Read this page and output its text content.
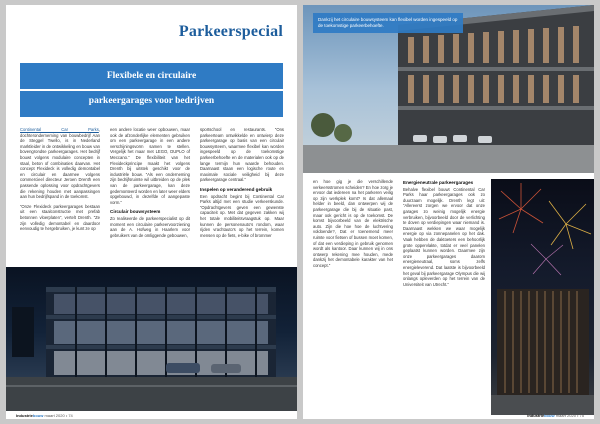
Parkeerspecial
Flexibele en circulaire
parkeergarages voor bedrijven

Continental Car Parks, dochteronderneming van bouwbedrijf Aan de Steggel Twello, is in Nederland marktleider in de ontwikkeling en bouw van bovengrondse parkeergarages. Het bedrijf bouwt volgens modulaire concepten in staal, beton of combinaties daarvan. Het concept Flexideck is volledig demontabel en circulair en daarmee volgens commercieel directeur Jeroen Drenth een passende oplossing voor opdrachtgevers die rekening houden met aanpassingen aan hun bedrijfspand in de toekomst.

“Onze Flexideck parkeergarages bestaan uit een staalconstructie met prefab betonnen vloerplaten”, vertelt Drenth. “Ze zijn volledig demontabel en daardoor eenvoudig te hergebruiken, je kunt ze op

een andere locatie weer opbouwen, maar ook de afzonderlijke elementen gebruiken om een parkeergarage in een andere verschijningsvorm samen te stellen. Vergelijk het maar met LEGO, DUPLO of Meccano.” De flexibiliteit van het Flexideckprincipe maakt het volgens Drenth bij uitstek geschikt voor de industriële bouw. “Als een onderneming zijn bedrijfsruimte wil uitbreiden op de plek van de parkeergarage, kan deze gedemonteerd worden en later weer elders opgebouwd, in dezelfde of aangepaste vorm.”

Circulair bouwsysteem

Zo realiseerde de parkeerspecialist op dit moment een circulaire parkeervoorziening aan de A. Hofweg in Haarlem voor gebruikers van de omliggende gebouwen,

sportschool en restaurants. “Ons parkeerteam ontwikkelde en ontwierp deze parkeergarage op basis van een circulair bouwsysteem, waarmee flexibel kan worden ingespeeld op de toekomstige parkeerbehoefte en de materialen ook op de lange termijn hun waarde behouden. Daarnaast staan een logische route en maximale sociale veiligheid bij deze parkeergarage centraal.”

Inspelen op veranderend gebruik

Een opdracht begint bij Continental Car Parks altijd met een studie verkeerskunde. “Opdrachtgevers geven een gewenste capaciteit op. Met dat gegeven zakken wij het totale mobiliteitsvraagstuk op. Maar kunnen de personenauto’s rondom, waar rijden vrachtauto’s op het terrein, komen mensen op de fiets, e-bike of brommer

Industriebouw maart 2020 • 74
Dankzij het circulaire bouwsysteem kan flexibel worden ingespeeld op de toekomstige parkeerbehoefte.

en hoe gig je die verschillende verkeersstromen scheiden? En hoe zorg je ervoor dat iedereen na het parkeren veilig op zijn werkplek komt? Is dat allemaal helder in beeld, dan ontwerpen wij de parkeergarage die bij de situatie past, maar ook gericht is op de toekomst. De komst bijvoorbeeld van de elektrische auto. Zijn die hoe hoe de luchtvering voldoende?, Dat er toenemend meer ruimte voor fietsen of bussen moet komen, of dat een verdieping in gebruik genomen wordt als kantoor. Daar kunnen wij in ons ontwerp rekening mee houden, mede dankzij het demontabele karakter van het concept.”

Energieneutrale parkeergarages

Behalve flexibel bouwt Continental Car Parks haar parkeergarages ook zo duurzaam mogelijk. Drenth legt uit: “Allereerst zorgen we ervoor dat onze garages zo weinig mogelijk energie verbruiken, bijvoorbeeld door de verlichting te doven op verdiepingen waar niemand is. Daarnaast wekken we waar mogelijk energie op via zonnepanelen op het dak. Vaak hebben de daktoeters een behoorlijk grote oppervlakte, totdat er veel panelen geplaatst kunnen worden. Daarmee zijn onze parkeergarages daarom energieneutraal, soms zelfs energieleverend. Dat laatste is bijvoorbeeld het geval bij parkeergarage Olympus die wij onlangs opleverden op het terrein van de Universiteit van Utrecht.”

Industriebouw maart 2020 • 75
